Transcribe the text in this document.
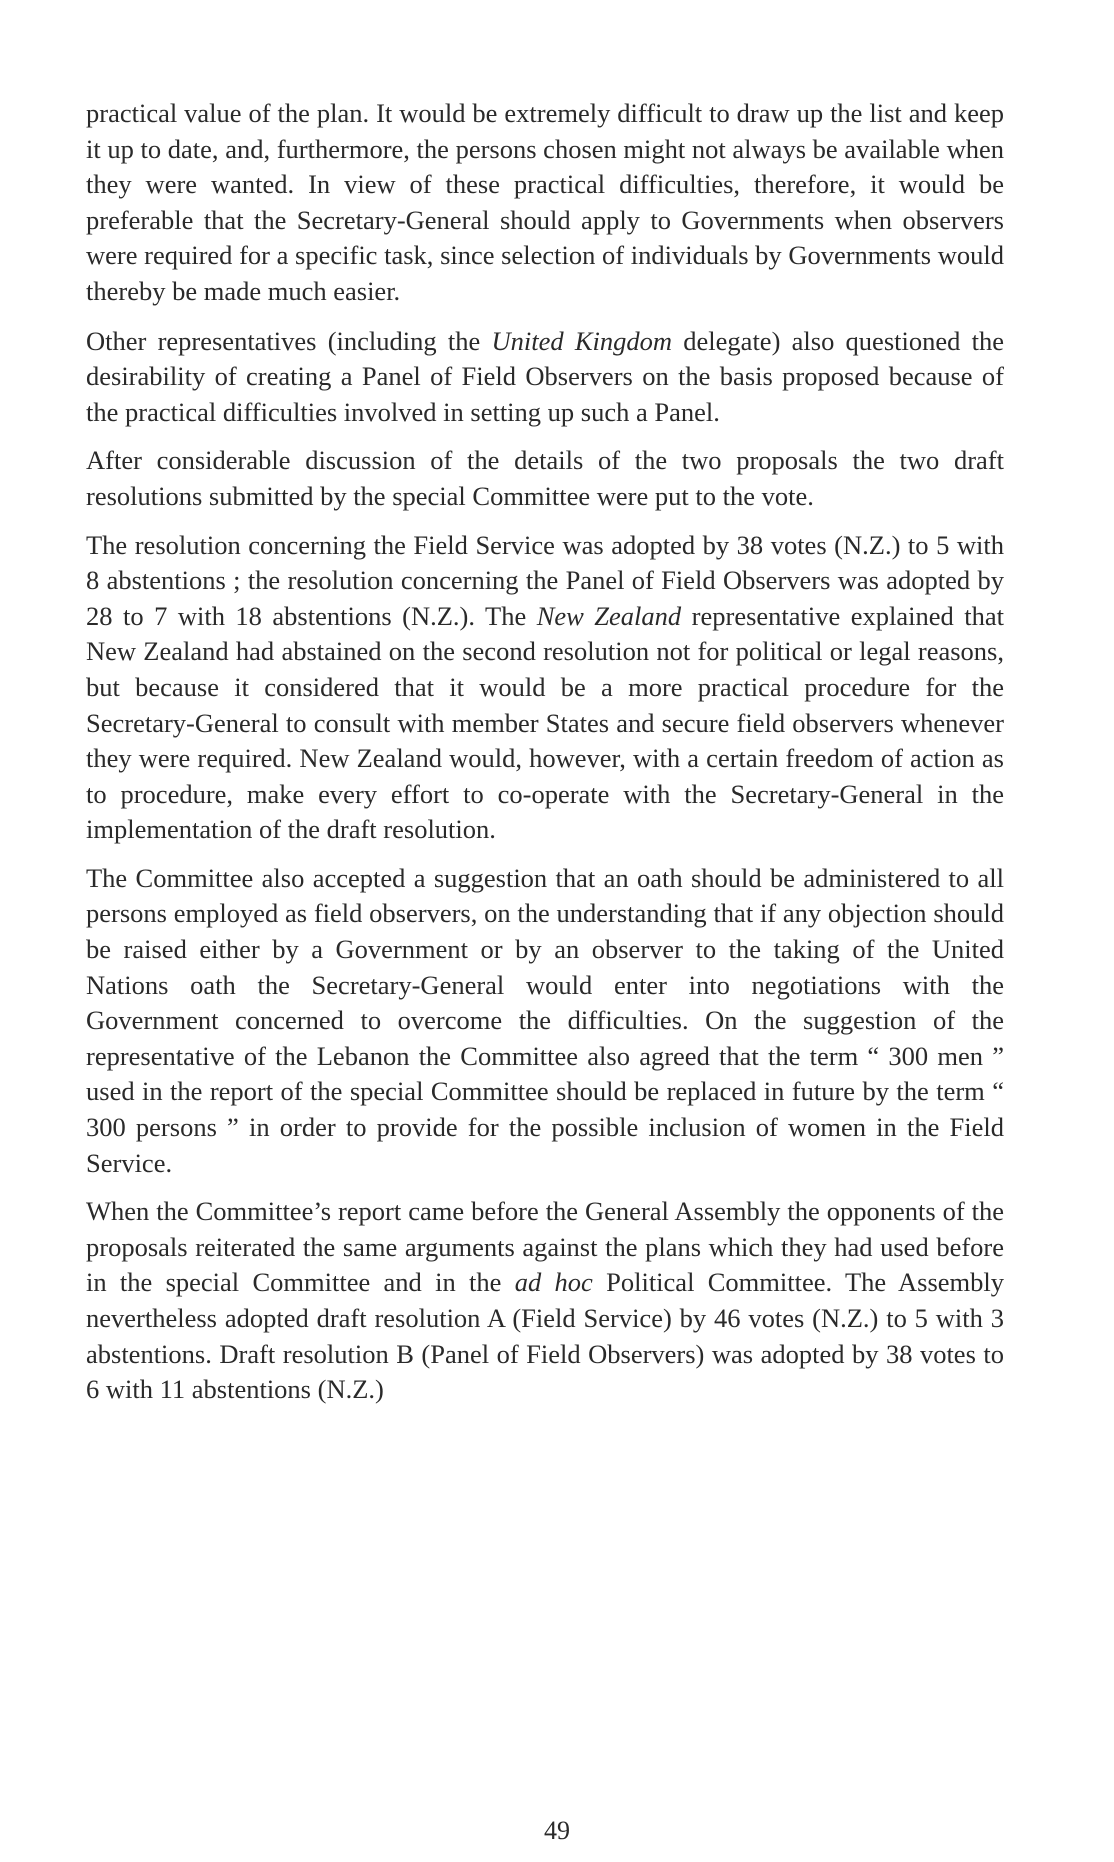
practical value of the plan. It would be extremely difficult to draw up the list and keep it up to date, and, furthermore, the persons chosen might not always be available when they were wanted. In view of these practical difficulties, therefore, it would be preferable that the Secretary-General should apply to Governments when observers were required for a specific task, since selection of individuals by Governments would thereby be made much easier.

Other representatives (including the United Kingdom delegate) also questioned the desirability of creating a Panel of Field Observers on the basis proposed because of the practical difficulties involved in setting up such a Panel.

After considerable discussion of the details of the two proposals the two draft resolutions submitted by the special Committee were put to the vote.

The resolution concerning the Field Service was adopted by 38 votes (N.Z.) to 5 with 8 abstentions ; the resolution concerning the Panel of Field Observers was adopted by 28 to 7 with 18 abstentions (N.Z.). The New Zealand representative explained that New Zealand had abstained on the second resolution not for political or legal reasons, but because it considered that it would be a more practical procedure for the Secretary-General to consult with member States and secure field observers whenever they were required. New Zealand would, however, with a certain freedom of action as to procedure, make every effort to co-operate with the Secretary-General in the implementation of the draft resolution.

The Committee also accepted a suggestion that an oath should be administered to all persons employed as field observers, on the understanding that if any objection should be raised either by a Government or by an observer to the taking of the United Nations oath the Secretary-General would enter into negotiations with the Government concerned to overcome the difficulties. On the suggestion of the representative of the Lebanon the Committee also agreed that the term “ 300 men ” used in the report of the special Committee should be replaced in future by the term “ 300 persons ” in order to provide for the possible inclusion of women in the Field Service.

When the Committee’s report came before the General Assembly the opponents of the proposals reiterated the same arguments against the plans which they had used before in the special Committee and in the ad hoc Political Committee. The Assembly nevertheless adopted draft resolution A (Field Service) by 46 votes (N.Z.) to 5 with 3 abstentions. Draft resolution B (Panel of Field Observers) was adopted by 38 votes to 6 with 11 abstentions (N.Z.)

49
